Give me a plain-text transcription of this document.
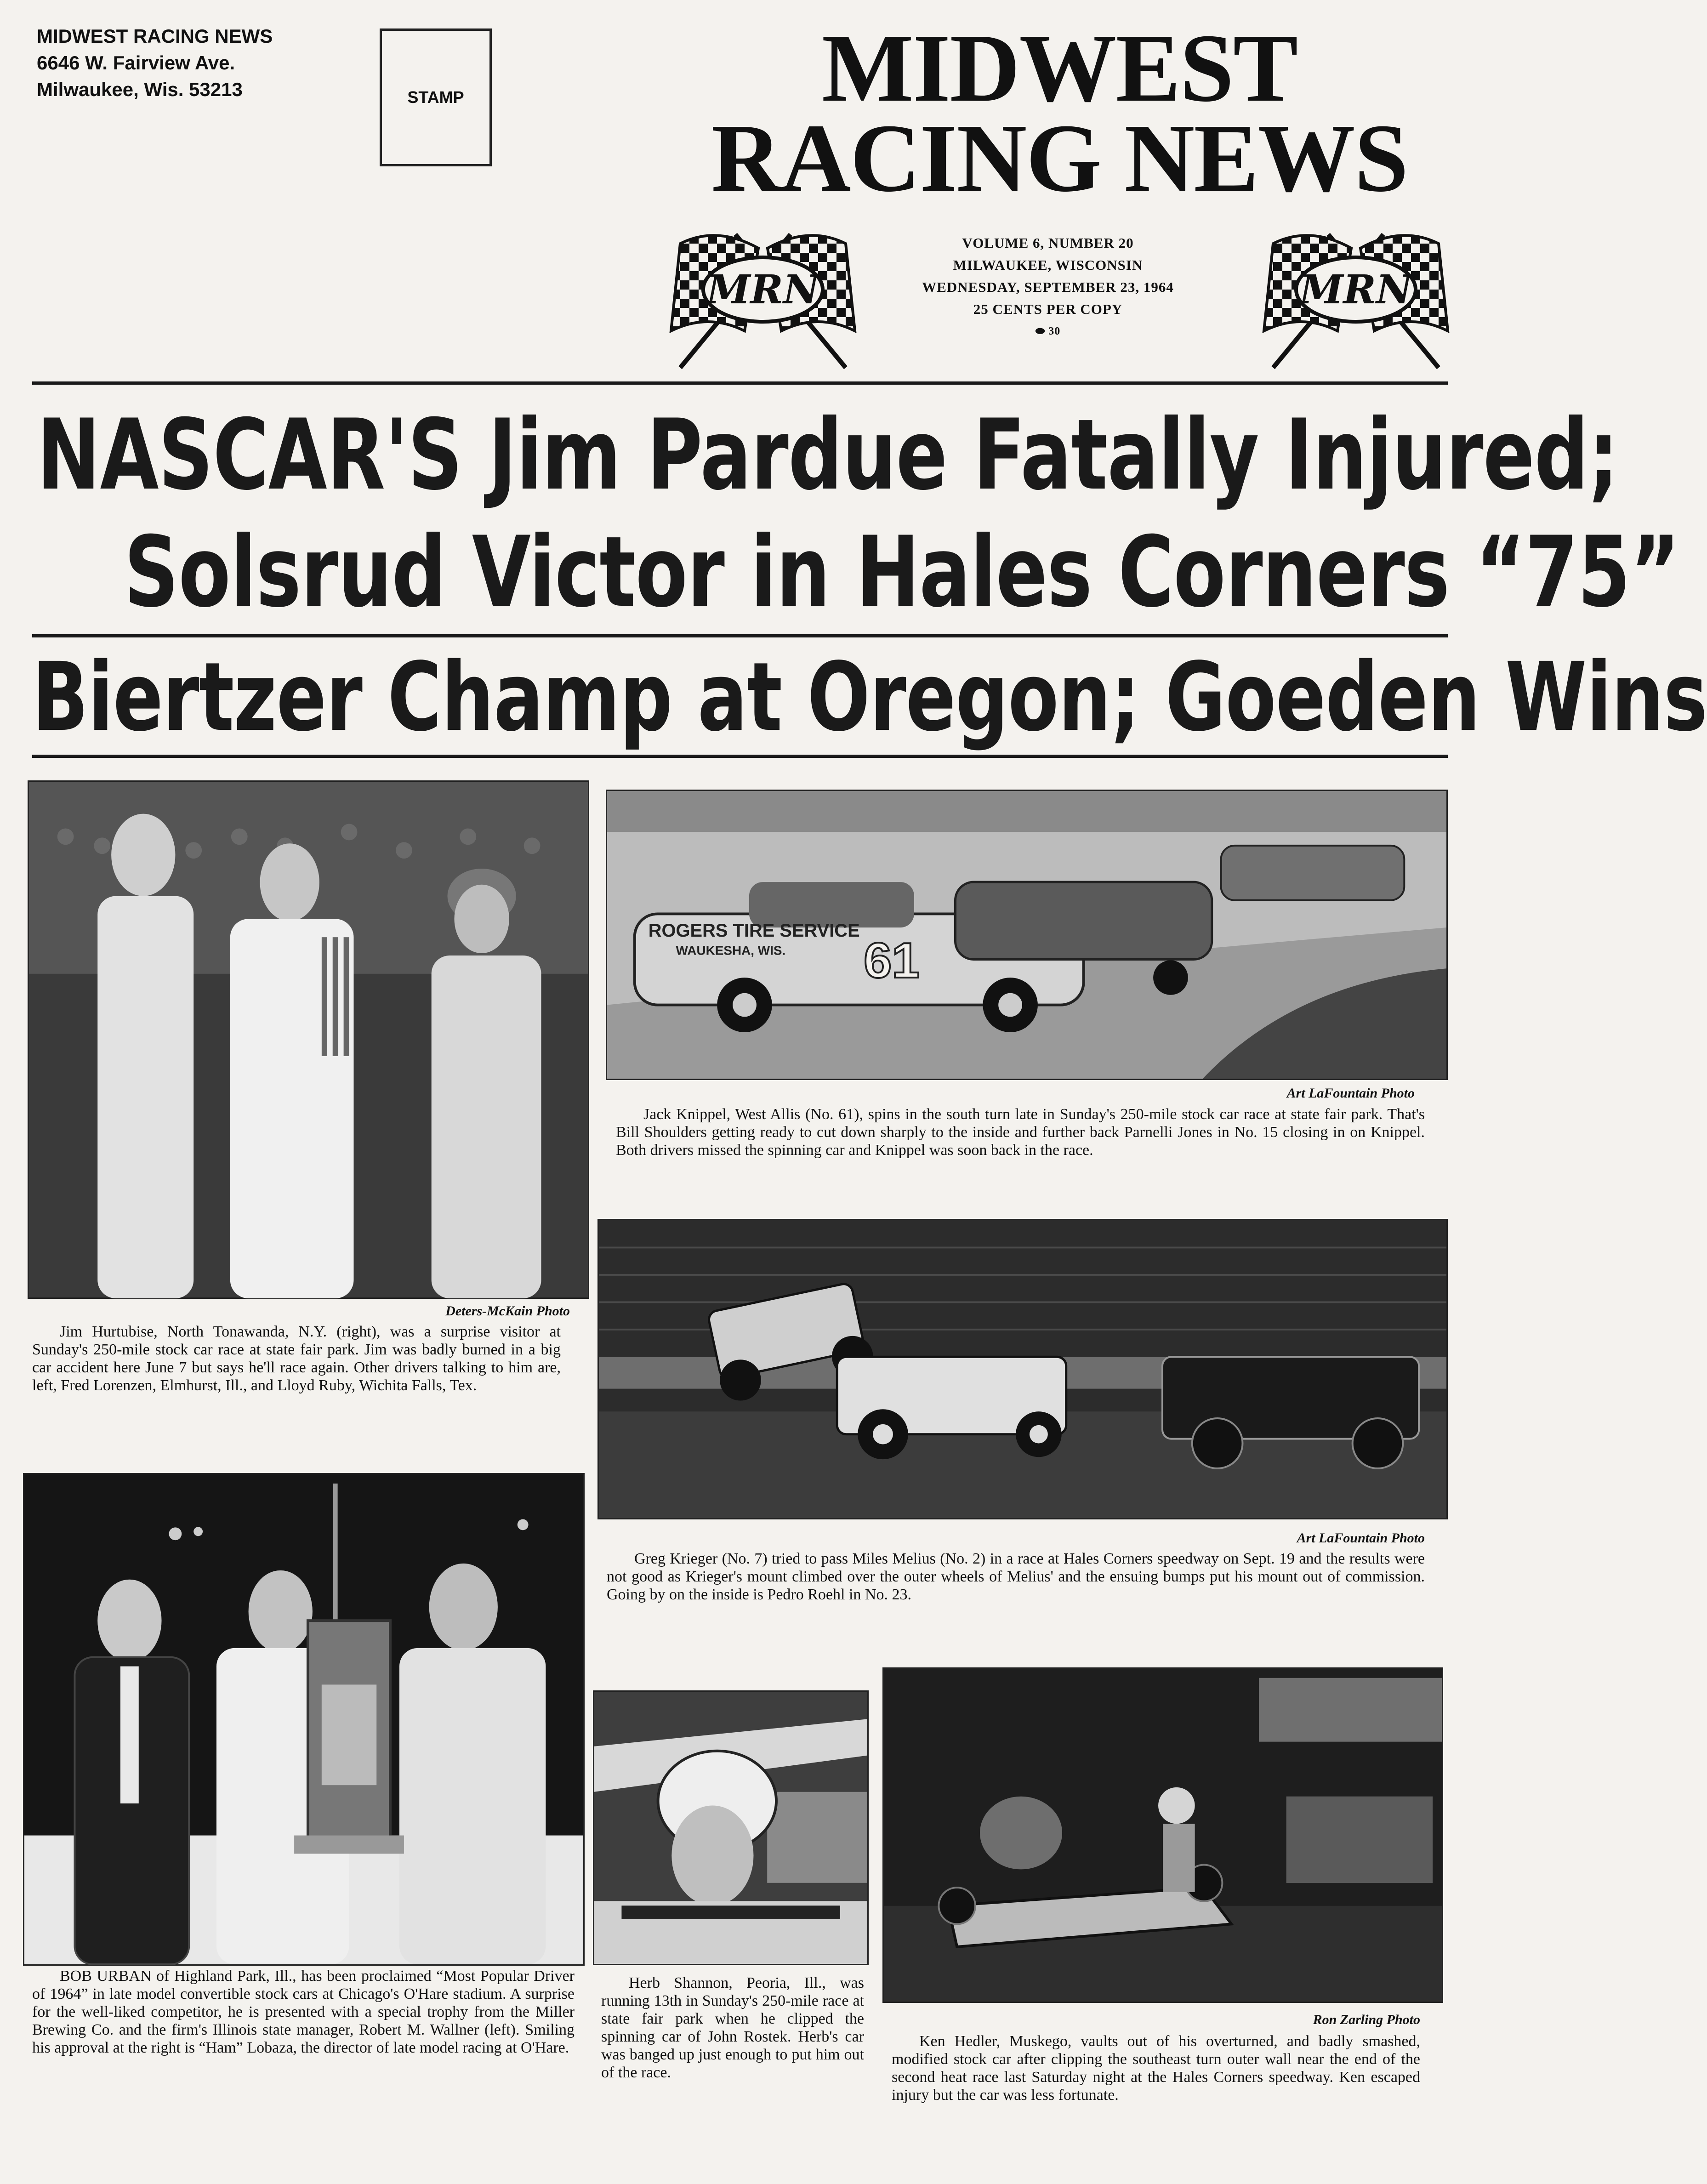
MIDWEST RACING NEWS
6646 W. Fairview Ave.
Milwaukee, Wis. 53213	STAMP	MIDWEST
RACING NEWS
MRN	MRN
VOLUME 6, NUMBER 20
MILWAUKEE, WISCONSIN
WEDNESDAY, SEPTEMBER 23, 1964
25 CENTS PER COPY
⬬ 30
NASCAR'S Jim Pardue Fatally Injured;
Solsrud Victor in Hales Corners “75”
Biertzer Champ at Oregon; Goeden Wins
Deters-McKain Photo
Jim Hurtubise, North Tonawanda, N.Y. (right), was a surprise visitor at Sunday's 250-mile stock car race at state fair park. Jim was badly burned in a big car accident here June 7 but says he'll race again. Other drivers talking to him are, left, Fred Lorenzen, Elmhurst, Ill., and Lloyd Ruby, Wichita Falls, Tex.
ROGERS TIRE SERVICE
WAUKESHA, WIS. 61
Art LaFountain Photo
Jack Knippel, West Allis (No. 61), spins in the south turn late in Sunday's 250-mile stock car race at state fair park. That's Bill Shoulders getting ready to cut down sharply to the inside and further back Parnelli Jones in No. 15 closing in on Knippel. Both drivers missed the spinning car and Knippel was soon back in the race.
Art LaFountain Photo
Greg Krieger (No. 7) tried to pass Miles Melius (No. 2) in a race at Hales Corners speedway on Sept. 19 and the results were not good as Krieger's mount climbed over the outer wheels of Melius' and the ensuing bumps put his mount out of commission. Going by on the inside is Pedro Roehl in No. 23.
BOB URBAN of Highland Park, Ill., has been proclaimed “Most Popular Driver of 1964” in late model convertible stock cars at Chicago's O'Hare stadium. A surprise for the well-liked competitor, he is presented with a special trophy from the Miller Brewing Co. and the firm's Illinois state manager, Robert M. Wallner (left). Smiling his approval at the right is “Ham” Lobaza, the director of late model racing at O'Hare.
Herb Shannon, Peoria, Ill., was running 13th in Sunday's 250-mile race at state fair park when he clipped the spinning car of John Rostek. Herb's car was banged up just enough to put him out of the race.
Ron Zarling Photo
Ken Hedler, Muskego, vaults out of his overturned, and badly smashed, modified stock car after clipping the southeast turn outer wall near the end of the second heat race last Saturday night at the Hales Corners speedway. Ken escaped injury but the car was less fortunate.
